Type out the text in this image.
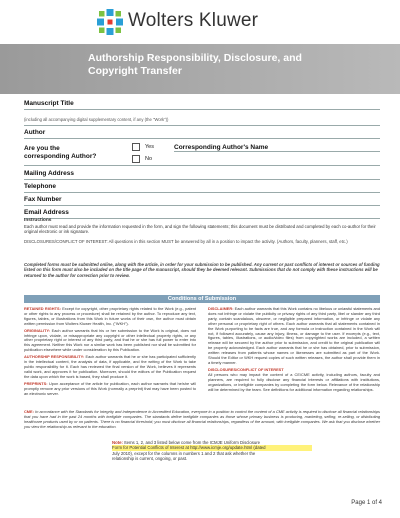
Wolters Kluwer
Authorship Responsibility, Disclosure, and
Copyright Transfer
Manuscript Title
(including all accompanying digital supplementary content, if any (the "Work"))
Author
Are you the
corresponding Author?
Yes
No
Corresponding Author's Name
Mailing Address
Telephone
Fax Number
Email Address
Instructions
Each author must read and provide the information requested in the form, and sign the following statements; this document must be distributed and completed by each co-author for their original electronic or ink signature.
DISCLOSURES/CONFLICT OF INTEREST: All questions in this section MUST be answered by all in a position to impact the activity. (Authors, faculty, planners, staff, etc.)
Completed forms must be submitted online, along with the article, in order for your submission to be published. Any current or past conflicts of interest or sources of funding listed on this form must also be included on the title page of the manuscript, should they be deemed relevant. Submissions that do not comply with these instructions will be returned to the author for correction prior to review.
Conditions of Submission

RETAINED RIGHTS: Except for copyright, other proprietary rights related to the Work (e.g., patent or other rights to any process or procedure) shall be retained by the author. To reproduce any text, figures, tables, or illustrations from this Work in future works of their own, the author must obtain written permission from Wolters Kluwer Health, Inc. ("WKH").

ORIGINALITY: Each author warrants that his or her submission to the Work is original, does not infringe upon, violate, or misappropriate any copyright or other intellectual property rights, or any other proprietary right or interest of any third party, and that he or she has full power to enter into this agreement. Neither this Work nor a similar work has been published nor shall be submitted for publication elsewhere while under consideration by this Publication.

AUTHORSHIP RESPONSIBILITY: Each author warrants that he or she has participated sufficiently in the intellectual content, the analysis of data, if applicable, and the writing of the Work to take public responsibility for it. Each has reviewed the final version of the Work, believes it represents valid work, and approves it for publication. Moreover, should the editors of the Publication request the data upon which the work is based, they shall produce it.

PREPRINTS: Upon acceptance of the article for publication, each author warrants that he/she will promptly remove any prior versions of this Work (normally a preprint) that may have been posted to an electronic server.

DISCLAIMER: Each author warrants that this Work contains no libelous or unlawful statements and does not infringe or violate the publicity or privacy rights of any third party, libel or slander any third party, contain scandalous, obscene, or negligible prepared information, or infringe or violate any other personal or proprietary right of others. Each author warrants that all statements contained in the Work purporting to be facts are true, and any formula or instruction contained in the Work will not, if followed accurately, cause any injury, illness, or damage to the user. If excerpts (e.g., text, figures, tables, illustrations, or audio/video files) from copyrighted works are included, a written release will be secured by the author prior to submission, and credit to the original publication will be properly acknowledged. Each author warrants that he or she has obtained, prior to submission, written releases from patients whose names or likenesses are submitted as part of the Work. Should the Editor or WKH request copies of such written releases, the author shall provide them in a timely manner.

DISCLOSURES/CONFLICT OF INTEREST
All persons who may impact the content of a CE/CME activity, including authors, faculty and planners, are required to fully disclose any financial interests or affiliations with institutions, organizations, or ineligible companies by completing the form below. Relevance of the relationship will be determined by the team. See definitions for additional information regarding relationships.

CME: In accordance with the Standards for Integrity and Independence in Accredited Education, everyone in a position to control the content of a CME activity is required to disclose all financial relationships that you have had in the past 24 months with ineligible companies. The standards define ineligible companies as those whose primary business is producing, marketing, selling, re-selling, or distributing healthcare products used by or on patients. There is no financial threshold; you must disclose all financial relationships, regardless of the amount, with ineligible companies. We ask that you disclose whether you view the relationship as relevant to the education.
Note: Items 1, 2, and 3 listed below come from the ICMJE Uniform Disclosure
Form for Potential Conflicts of Interest at http://www.icmje.org/update.html (dated
July 2010), except for the columns in numbers 1 and 2 that ask whether the
relationship is current, ongoing, or past.
Page 1 of 4
